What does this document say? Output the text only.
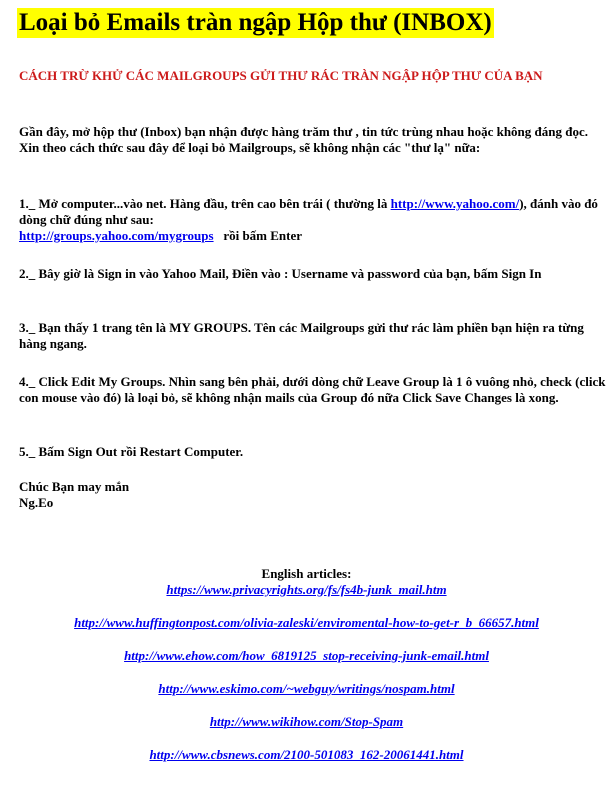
Loại bỏ Emails tràn ngập Hộp thư (INBOX)
CÁCH TRỪ KHỬ CÁC MAILGROUPS GỬI THƯ RÁC TRÀN NGẬP HỘP THƯ CỦA BẠN
Gần đây, mở hộp thư (Inbox) bạn nhận được hàng trăm thư , tin tức trùng nhau hoặc không đáng đọc. Xin theo cách thức sau đây để loại bỏ Mailgroups, sẽ không nhận các "thư lạ" nữa:
1._ Mở computer...vào net. Hàng đầu, trên cao bên trái ( thường là http://www.yahoo.com/), đánh vào đó dòng chữ đúng như sau:
http://groups.yahoo.com/mygroups   rồi bấm Enter
2._ Bây giờ là Sign in vào Yahoo Mail, Điền vào : Username và password của bạn, bấm Sign In
3._ Bạn thấy 1 trang tên là MY GROUPS. Tên các Mailgroups gửi thư rác làm phiền bạn hiện ra từng hàng ngang.
4._ Click Edit My Groups. Nhìn sang bên phải, dưới dòng chữ Leave Group là 1 ô vuông nhỏ, check (click con mouse vào đó) là loại bỏ, sẽ không nhận mails của Group đó nữa Click Save Changes là xong.
5._ Bấm Sign Out rồi Restart Computer.
Chúc Bạn may mắn
Ng.Eo
English articles:
https://www.privacyrights.org/fs/fs4b-junk_mail.htm
http://www.huffingtonpost.com/olivia-zaleski/enviromental-how-to-get-r_b_66657.html
http://www.ehow.com/how_6819125_stop-receiving-junk-email.html
http://www.eskimo.com/~webguy/writings/nospam.html
http://www.wikihow.com/Stop-Spam
http://www.cbsnews.com/2100-501083_162-20061441.html
